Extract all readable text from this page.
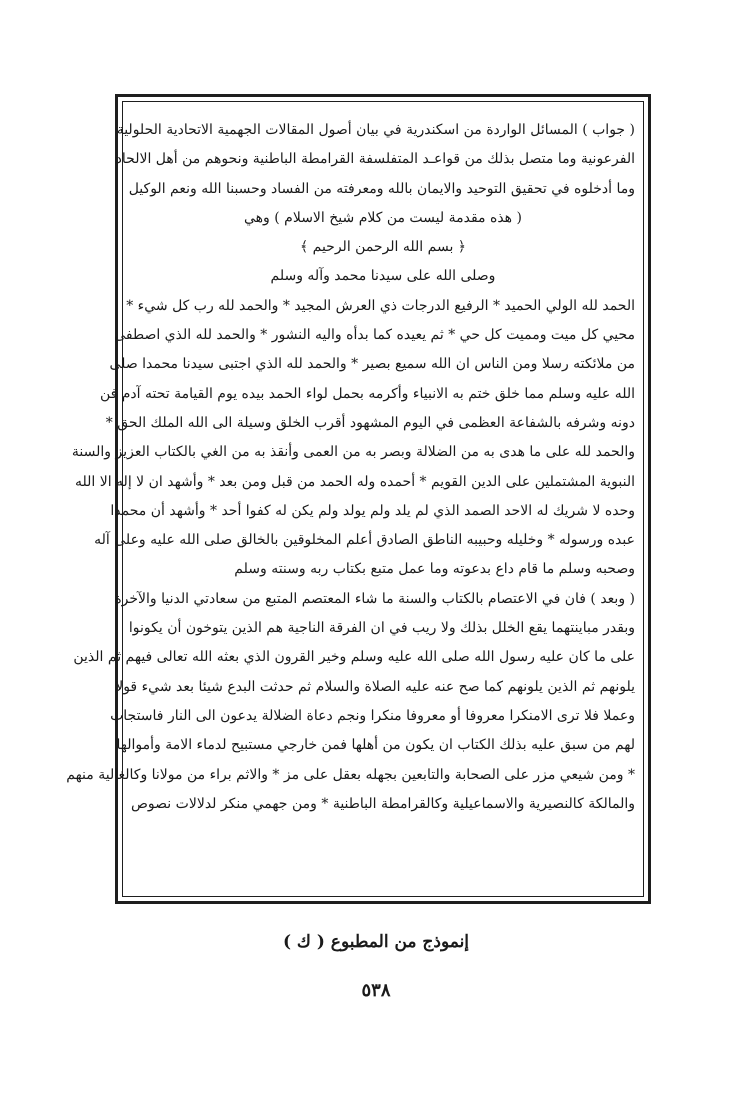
( جواب ) المسائل الواردة من اسكندرية في بيان أصول المقالات الجهمية الاتحادية الحلولية
الفرعونية وما متصل بذلك من قواعـد المتفلسفة القرامطة الباطنية ونحوهم من أهل الالحاد
وما أدخلوه في تحقيق التوحيد والايمان بالله ومعرفته من الفساد وحسبنا الله ونعم الوكيل
( هذه مقدمة ليست من كلام شيخ الاسلام ) وهي
﴿ بسم الله الرحمن الرحيم ﴾
وصلى الله على سيدنا محمد وآله وسلم
الحمد لله الولي الحميد * الرفيع الدرجات ذي العرش المجيد * والحمد لله رب كل شيء *
محيي كل ميت ومميت كل حي * ثم يعيده كما بدأه واليه النشور * والحمد لله الذي اصطفى
من ملائكته رسلا ومن الناس ان الله سميع بصير * والحمد لله الذي اجتبى سيدنا محمدا صلى
الله عليه وسلم مما خلق ختم به الانبياء وأكرمه بحمل لواء الحمد بيده يوم القيامة تحته آدم فن
دونه وشرفه بالشفاعة العظمى في اليوم المشهود أقرب الخلق وسيلة الى الله الملك الحق *
والحمد لله على ما هدى به من الضلالة وبصر به من العمى وأنقذ به من الغي بالكتاب العزيز والسنة
النبوية المشتملين على الدين القويم * أحمده وله الحمد من قبل ومن بعد * وأشهد ان لا إله الا الله
وحده لا شريك له الاحد الصمد الذي لم يلد ولم يولد ولم يكن له كفوا أحد * وأشهد أن محمدا
عبده ورسوله * وخليله وحبيبه الناطق الصادق أعلم المخلوقين بالخالق صلى الله عليه وعلى آله
وصحبه وسلم ما قام داع بدعوته وما عمل متبع بكتاب ربه وسنته وسلم
( وبعد ) فان في الاعتصام بالكتاب والسنة ما شاء المعتصم المتبع من سعادتي الدنيا والآخرة
وبقدر مباينتهما يقع الخلل بذلك ولا ريب في ان الفرقة الناجية هم الذين يتوخون أن يكونوا
على ما كان عليه رسول الله صلى الله عليه وسلم وخير القرون الذي بعثه الله تعالى فيهم ثم الذين
يلونهم ثم الذين يلونهم كما صح عنه عليه الصلاة والسلام ثم حدثت البدع شيئا بعد شيء قولا
وعملا فلا ترى الامنكرا معروفا أو معروفا منكرا ونجم دعاة الضلالة يدعون الى النار فاستجاب
لهم من سبق عليه بذلك الكتاب ان يكون من أهلها فمن خارجي مستبيح لدماء الامة وأموالها
* ومن شيعي مزر على الصحابة والتابعين بجهله بعقل على مز * والاثم براء من مولانا وكالغالية منهم
والمالكة كالنصيرية والاسماعيلية وكالقرامطة الباطنية * ومن جهمي منكر لدلالات نصوص
إنموذج من المطبوع ( ك )
٥٣٨
